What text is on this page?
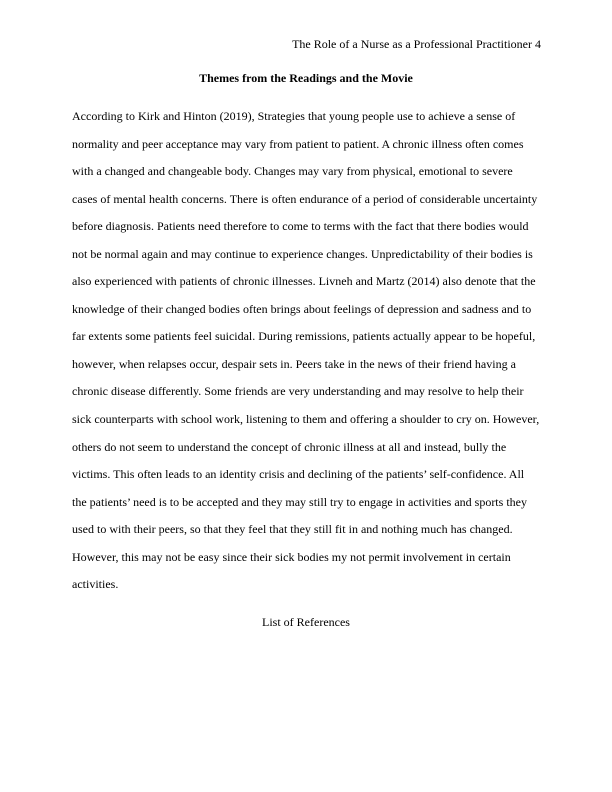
The Role of a Nurse as a Professional Practitioner 4
Themes from the Readings and the Movie
According to Kirk and Hinton (2019), Strategies that young people use to achieve a sense of
normality and peer acceptance may vary from patient to patient. A chronic illness often comes
with a changed and changeable body. Changes may vary from physical, emotional to severe
cases of mental health concerns. There is often endurance of a period of considerable uncertainty
before diagnosis. Patients need therefore to come to terms with the fact that there bodies would
not be normal again and may continue to experience changes. Unpredictability of their bodies is
also experienced with patients of chronic illnesses. Livneh and Martz (2014) also denote that the
knowledge of their changed bodies often brings about feelings of depression and sadness and to
far extents some patients feel suicidal. During remissions, patients actually appear to be hopeful,
however, when relapses occur, despair sets in. Peers take in the news of their friend having a
chronic disease differently. Some friends are very understanding and may resolve to help their
sick counterparts with school work, listening to them and offering a shoulder to cry on. However,
others do not seem to understand the concept of chronic illness at all and instead, bully the
victims. This often leads to an identity crisis and declining of the patients’ self-confidence. All
the patients’ need is to be accepted and they may still try to engage in activities and sports they
used to with their peers, so that they feel that they still fit in and nothing much has changed.
However, this may not be easy since their sick bodies my not permit involvement in certain
activities.
List of References
